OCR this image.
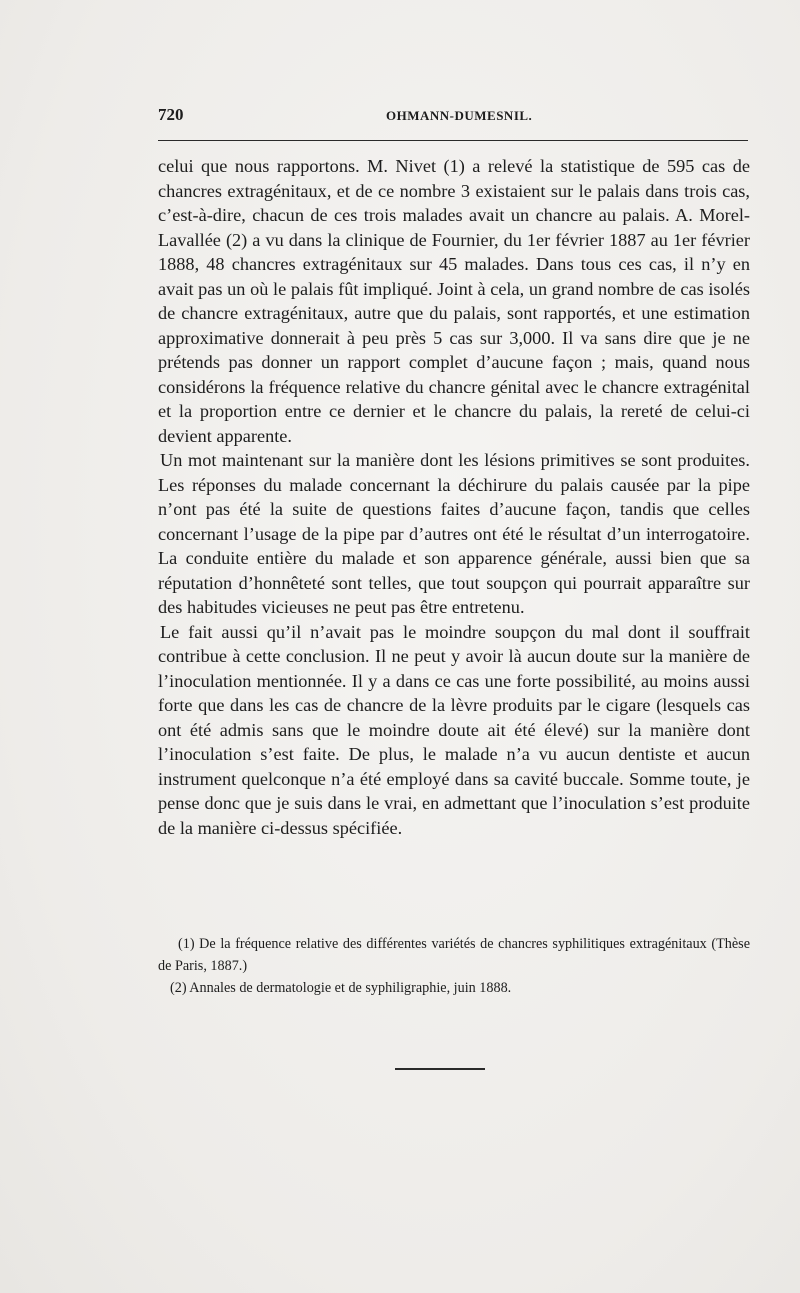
720	OHMANN-DUMESNIL.

celui que nous rapportons. M. Nivet (1) a relevé la statistique de 595 cas de chancres extragénitaux, et de ce nombre 3 existaient sur le palais dans trois cas, c’est-à-dire, chacun de ces trois malades avait un chancre au palais. A. Morel-Lavallée (2) a vu dans la clinique de Fournier, du 1er février 1887 au 1er février 1888, 48 chancres extragénitaux sur 45 malades. Dans tous ces cas, il n’y en avait pas un où le palais fût impliqué. Joint à cela, un grand nombre de cas isolés de chancre extragénitaux, autre que du palais, sont rapportés, et une estimation approximative donnerait à peu près 5 cas sur 3,000. Il va sans dire que je ne prétends pas donner un rapport complet d’aucune façon ; mais, quand nous considérons la fréquence relative du chancre génital avec le chancre extragénital et la proportion entre ce dernier et le chancre du palais, la rereté de celui-ci devient apparente.

Un mot maintenant sur la manière dont les lésions primitives se sont produites. Les réponses du malade concernant la déchirure du palais causée par la pipe n’ont pas été la suite de questions faites d’aucune façon, tandis que celles concernant l’usage de la pipe par d’autres ont été le résultat d’un interrogatoire. La conduite entière du malade et son apparence générale, aussi bien que sa réputation d’honnêteté sont telles, que tout soupçon qui pourrait apparaître sur des habitudes vicieuses ne peut pas être entretenu.

Le fait aussi qu’il n’avait pas le moindre soupçon du mal dont il souffrait contribue à cette conclusion. Il ne peut y avoir là aucun doute sur la manière de l’inoculation mentionnée. Il y a dans ce cas une forte possibilité, au moins aussi forte que dans les cas de chancre de la lèvre produits par le cigare (lesquels cas ont été admis sans que le moindre doute ait été élevé) sur la manière dont l’inoculation s’est faite. De plus, le malade n’a vu aucun dentiste et aucun instrument quelconque n’a été employé dans sa cavité buccale. Somme toute, je pense donc que je suis dans le vrai, en admettant que l’inoculation s’est produite de la manière ci-dessus spécifiée.

(1) De la fréquence relative des différentes variétés de chancres syphilitiques extragénitaux (Thèse de Paris, 1887.)

(2) Annales de dermatologie et de syphiligraphie, juin 1888.
